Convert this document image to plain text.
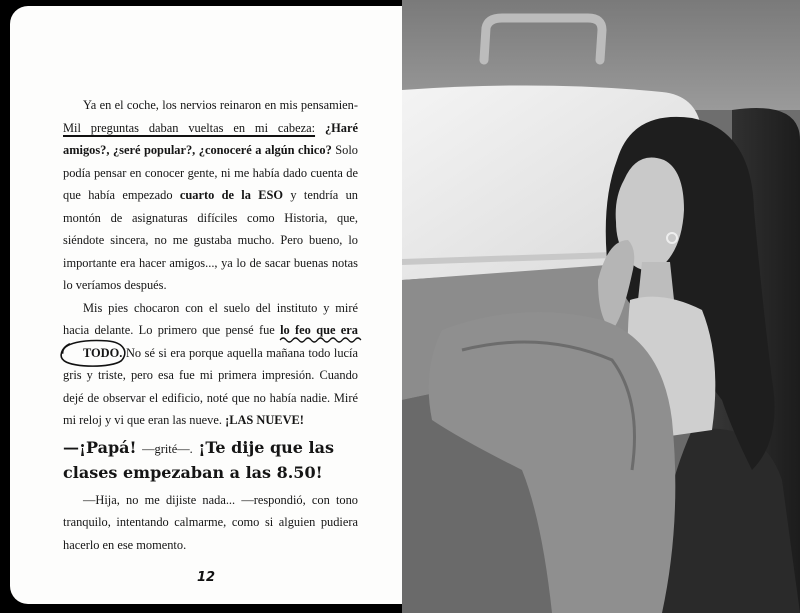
Ya en el coche, los nervios reinaron en mis pensamien- Mil preguntas daban vueltas en mi cabeza: ¿Haré amigos?, ¿seré popular?, ¿conoceré a algún chico? Solo podía pensar en conocer gente, ni me había dado cuenta de que había empezado cuarto de la ESO y tendría un montón de asignaturas difíciles como Historia, que, siéndote sincera, no me gustaba mucho. Pero bueno, lo importante era hacer amigos..., ya lo de sacar buenas notas lo veríamos después.

Mis pies chocaron con el suelo del instituto y miré hacia delante. Lo primero que pensé fue lo feo que era
TODO. No sé si era porque aquella mañana todo lucía gris y triste, pero esa fue mi primera impresión. Cuando dejé de observar el edificio, noté que no había nadie. Miré mi reloj y vi que eran las nueve. ¡LAS NUEVE!

—¡Papá! —grité—. ¡Te dije que las clases empezaban a las 8.50!

—Hija, no me dijiste nada... —respondió, con tono tranquilo, intentando calmarme, como si alguien pudiera hacerlo en ese momento.

12
